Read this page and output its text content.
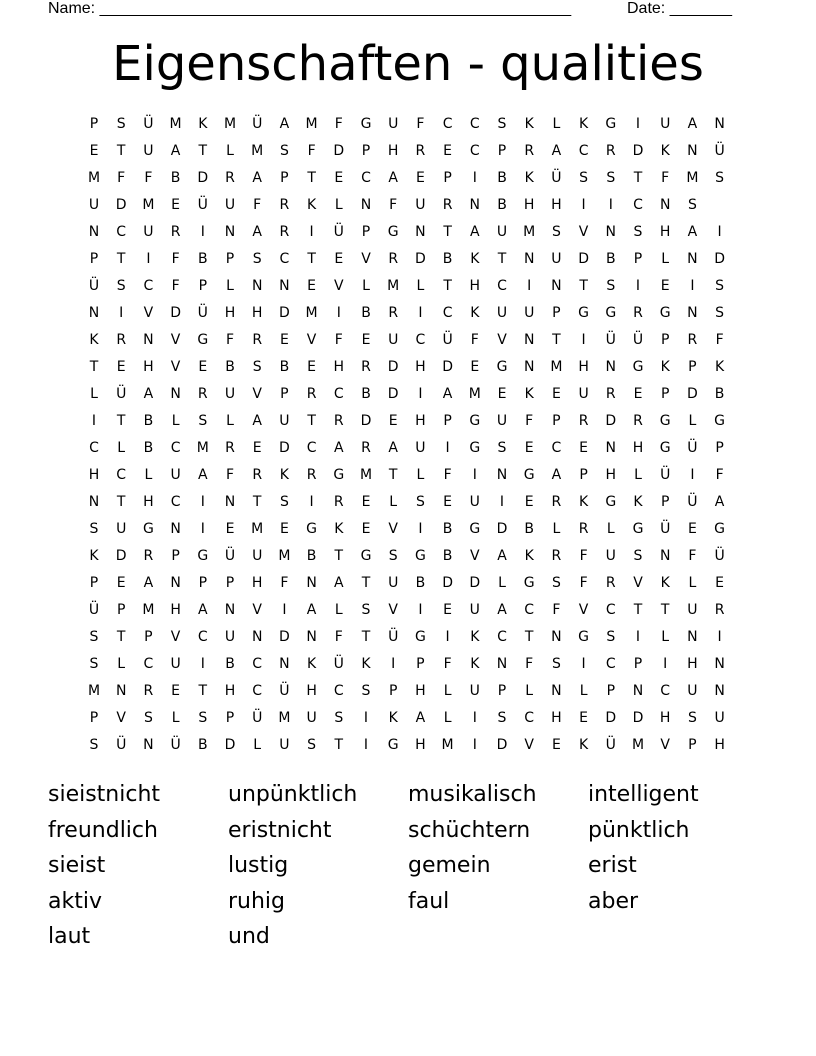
Name: _____________________________________________________	Date: _______
Eigenschaften - qualities
P	S	Ü	M	K	M	Ü	A	M	F	G	U	F	C	C	S	K	L	K	G	I	U	A	N
E	T	U	A	T	L	M	S	F	D	P	H	R	E	C	P	R	A	C	R	D	K	N	Ü
M	F	F	B	D	R	A	P	T	E	C	A	E	P	I	B	K	Ü	S	S	T	F	M	S
U	D	M	E	Ü	U	F	R	K	L	N	F	U	R	N	B	H	H	I	I	C	N	S
N	C	U	R	I	N	A	R	I	Ü	P	G	N	T	A	U	M	S	V	N	S	H	A	I
P	T	I	F	B	P	S	C	T	E	V	R	D	B	K	T	N	U	D	B	P	L	N	D
Ü	S	C	F	P	L	N	N	E	V	L	M	L	T	H	C	I	N	T	S	I	E	I	S
N	I	V	D	Ü	H	H	D	M	I	B	R	I	C	K	U	U	P	G	G	R	G	N	S
K	R	N	V	G	F	R	E	V	F	E	U	C	Ü	F	V	N	T	I	Ü	Ü	P	R	F
T	E	H	V	E	B	S	B	E	H	R	D	H	D	E	G	N	M	H	N	G	K	P	K
L	Ü	A	N	R	U	V	P	R	C	B	D	I	A	M	E	K	E	U	R	E	P	D	B
I	T	B	L	S	L	A	U	T	R	D	E	H	P	G	U	F	P	R	D	R	G	L	G
C	L	B	C	M	R	E	D	C	A	R	A	U	I	G	S	E	C	E	N	H	G	Ü	P
H	C	L	U	A	F	R	K	R	G	M	T	L	F	I	N	G	A	P	H	L	Ü	I	F
N	T	H	C	I	N	T	S	I	R	E	L	S	E	U	I	E	R	K	G	K	P	Ü	A
S	U	G	N	I	E	M	E	G	K	E	V	I	B	G	D	B	L	R	L	G	Ü	E	G
K	D	R	P	G	Ü	U	M	B	T	G	S	G	B	V	A	K	R	F	U	S	N	F	Ü
P	E	A	N	P	P	H	F	N	A	T	U	B	D	D	L	G	S	F	R	V	K	L	E
Ü	P	M	H	A	N	V	I	A	L	S	V	I	E	U	A	C	F	V	C	T	T	U	R
S	T	P	V	C	U	N	D	N	F	T	Ü	G	I	K	C	T	N	G	S	I	L	N	I
S	L	C	U	I	B	C	N	K	Ü	K	I	P	F	K	N	F	S	I	C	P	I	H	N
M	N	R	E	T	H	C	Ü	H	C	S	P	H	L	U	P	L	N	L	P	N	C	U	N
P	V	S	L	S	P	Ü	M	U	S	I	K	A	L	I	S	C	H	E	D	D	H	S	U
S	Ü	N	Ü	B	D	L	U	S	T	I	G	H	M	I	D	V	E	K	Ü	M	V	P	H
sieistnicht	unpünktlich	musikalisch	intelligent
freundlich	eristnicht	schüchtern	pünktlich
sieist	lustig	gemein	erist
aktiv	ruhig	faul	aber
laut	und
